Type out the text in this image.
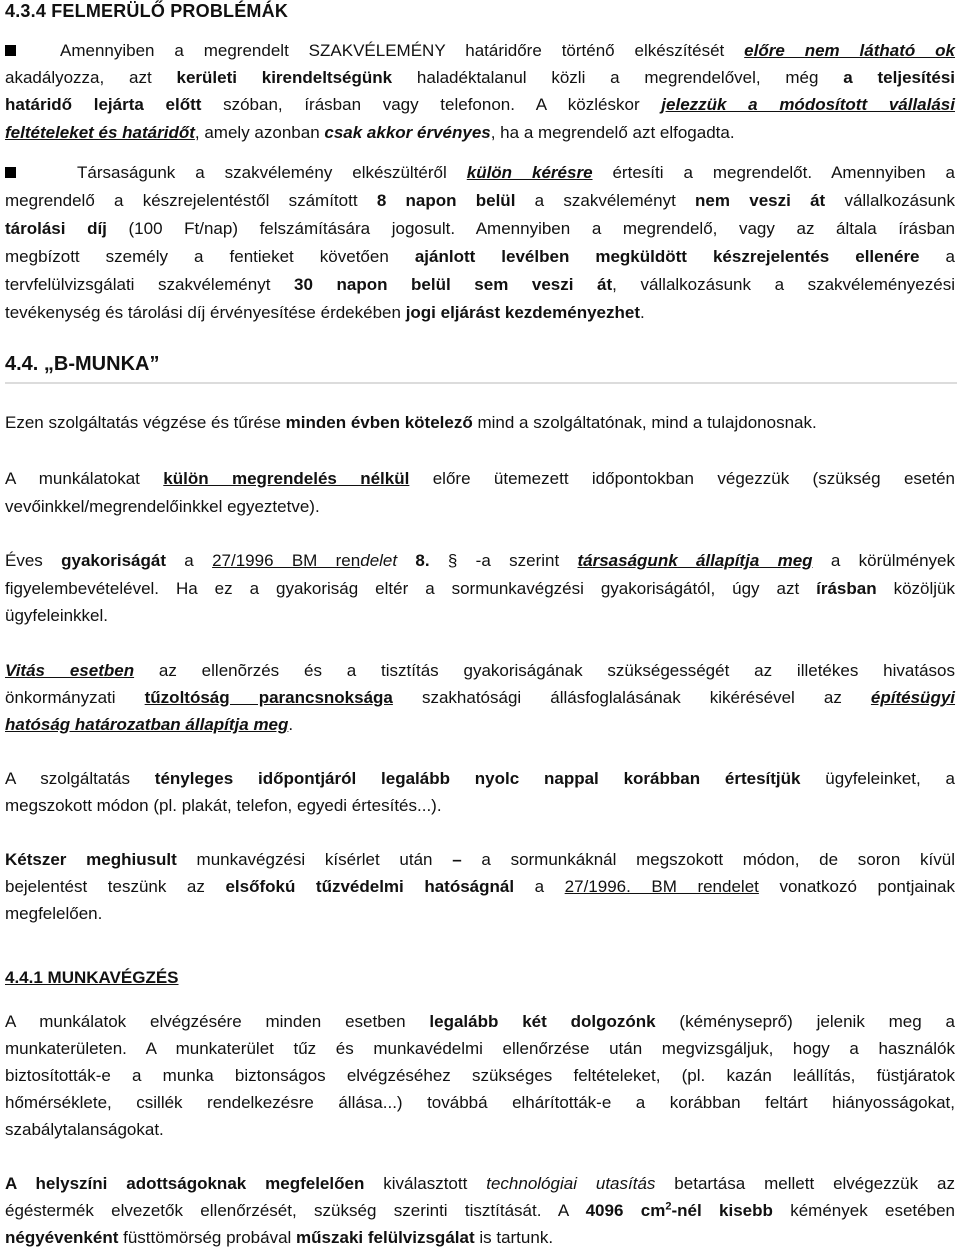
4.3.4 FELMERÜLŐ PROBLÉMÁK
Amennyiben a megrendelt SZAKVÉLEMÉNY határidőre történő elkészítését előre nem látható ok
akadályozza, azt kerületi kirendeltségünk haladéktalanul közli a megrendelővel, még a teljesítési
határidő lejárta előtt szóban, írásban vagy telefonon. A közléskor jelezzük a módosított vállalási
feltételeket és határidőt, amely azonban csak akkor érvényes, ha a megrendelő azt elfogadta.
Társaságunk a szakvélemény elkészültéről külön kérésre értesíti a megrendelőt. Amennyiben a
megrendelő a készrejelentéstől számított 8 napon belül a szakvéleményt nem veszi át vállalkozásunk
tárolási díj (100 Ft/nap) felszámítására jogosult. Amennyiben a megrendelő, vagy az általa írásban
megbízott személy a fentieket követően ajánlott levélben megküldött készrejelentés ellenére a
tervfelülvizsgálati szakvéleményt 30 napon belül sem veszi át, vállalkozásunk a szakvéleményezési
tevékenység és tárolási díj érvényesítése érdekében jogi eljárást kezdeményezhet.
4.4. „B-MUNKA”
Ezen szolgáltatás végzése és tűrése minden évben kötelező mind a szolgáltatónak, mind a tulajdonosnak.
A munkálatokat külön megrendelés nélkül előre ütemezett időpontokban végezzük (szükség esetén
vevőinkkel/megrendelőinkkel egyeztetve).
Éves gyakoriságát a 27/1996 BM rendelet 8. § -a szerint társaságunk állapítja meg a körülmények
figyelembevételével. Ha ez a gyakoriság eltér a sormunkavégzési gyakoriságától, úgy azt írásban közöljük
ügyfeleinkkel.
Vitás esetben az ellenõrzés és a tisztítás gyakoriságának szükségességét az illetékes hivatásos
önkormányzati tűzoltóság parancsnoksága szakhatósági állásfoglalásának kikérésével az építésügyi
hatóság határozatban állapítja meg.
A szolgáltatás tényleges időpontjáról legalább nyolc nappal korábban értesítjük ügyfeleinket, a
megszokott módon (pl. plakát, telefon, egyedi értesítés...).
Kétszer meghiusult munkavégzési kísérlet után – a sormunkáknál megszokott módon, de soron kívül
bejelentést teszünk az elsőfokú tűzvédelmi hatóságnál a 27/1996. BM rendelet vonatkozó pontjainak
megfelelően.
4.4.1 MUNKAVÉGZÉS
A munkálatok elvégzésére minden esetben legalább két dolgozónk (kéményseprő) jelenik meg a
munkaterületen. A munkaterület tűz és munkavédelmi ellenőrzése után megvizsgáljuk, hogy a használók
biztosították-e a munka biztonságos elvégzéséhez szükséges feltételeket, (pl. kazán leállítás, füstjáratok
hőmérséklete, csillék rendelkezésre állása...) továbbá elhárították-e a korábban feltárt hiányosságokat,
szabálytalanságokat.
A helyszíni adottságoknak megfelelően kiválasztott technológiai utasítás betartása mellett elvégezzük az
égéstermék elvezetők ellenőrzését, szükség szerinti tisztítását. A 4096 $cm^2$-nél kisebb kémények esetében
négyévenként füsttömörség probával műszaki felülvizsgálat is tartunk.
